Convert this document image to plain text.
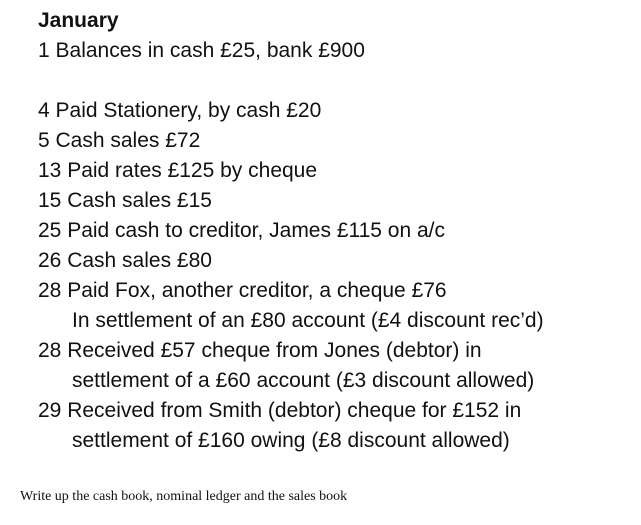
January
1 Balances in cash £25, bank £900
4 Paid Stationery, by cash £20
5 Cash sales £72
13 Paid rates £125 by cheque
15 Cash sales £15
25 Paid cash to creditor, James £115 on a/c
26 Cash sales £80
28 Paid Fox, another creditor, a cheque £76
In settlement of an £80 account (£4 discount rec’d)
28 Received £57 cheque from Jones (debtor) in
settlement of a £60 account (£3 discount allowed)
29 Received from Smith (debtor) cheque for £152 in
settlement of £160 owing (£8 discount allowed)
Write up the cash book, nominal ledger and the sales book
